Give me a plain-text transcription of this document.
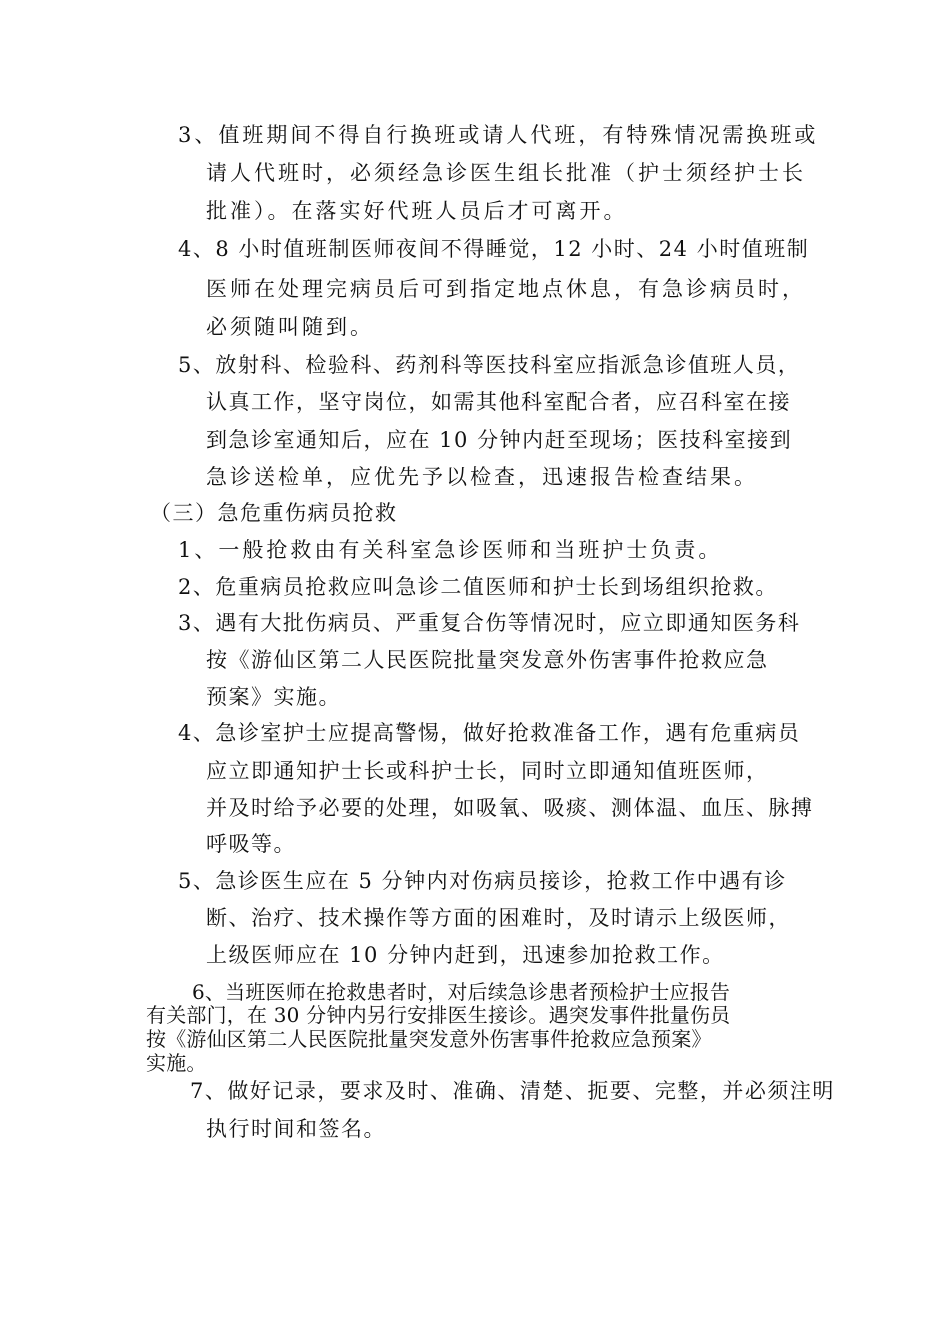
3、值班期间不得自行换班或请人代班，有特殊情况需换班或
请人代班时，必须经急诊医生组长批准（护士须经护士长
批准）。在落实好代班人员后才可离开。
4、8 小时值班制医师夜间不得睡觉，12 小时、24 小时值班制
医师在处理完病员后可到指定地点休息，有急诊病员时，
必须随叫随到。
5、放射科、检验科、药剂科等医技科室应指派急诊值班人员，
认真工作，坚守岗位，如需其他科室配合者，应召科室在接
到急诊室通知后，应在 10 分钟内赶至现场；医技科室接到
急诊送检单，应优先予以检查，迅速报告检查结果。
（三）急危重伤病员抢救
1、一般抢救由有关科室急诊医师和当班护士负责。
2、危重病员抢救应叫急诊二值医师和护士长到场组织抢救。
3、遇有大批伤病员、严重复合伤等情况时，应立即通知医务科
按《游仙区第二人民医院批量突发意外伤害事件抢救应急
预案》实施。
4、急诊室护士应提高警惕，做好抢救准备工作，遇有危重病员
应立即通知护士长或科护士长，同时立即通知值班医师，
并及时给予必要的处理，如吸氧、吸痰、测体温、血压、脉搏
呼吸等。
5、急诊医生应在 5 分钟内对伤病员接诊，抢救工作中遇有诊
断、治疗、技术操作等方面的困难时，及时请示上级医师，
上级医师应在 10 分钟内赶到，迅速参加抢救工作。
6、当班医师在抢救患者时，对后续急诊患者预检护士应报告
有关部门，在 30 分钟内另行安排医生接诊。遇突发事件批量伤员
按《游仙区第二人民医院批量突发意外伤害事件抢救应急预案》
实施。
7、做好记录，要求及时、准确、清楚、扼要、完整，并必须注明
执行时间和签名。
